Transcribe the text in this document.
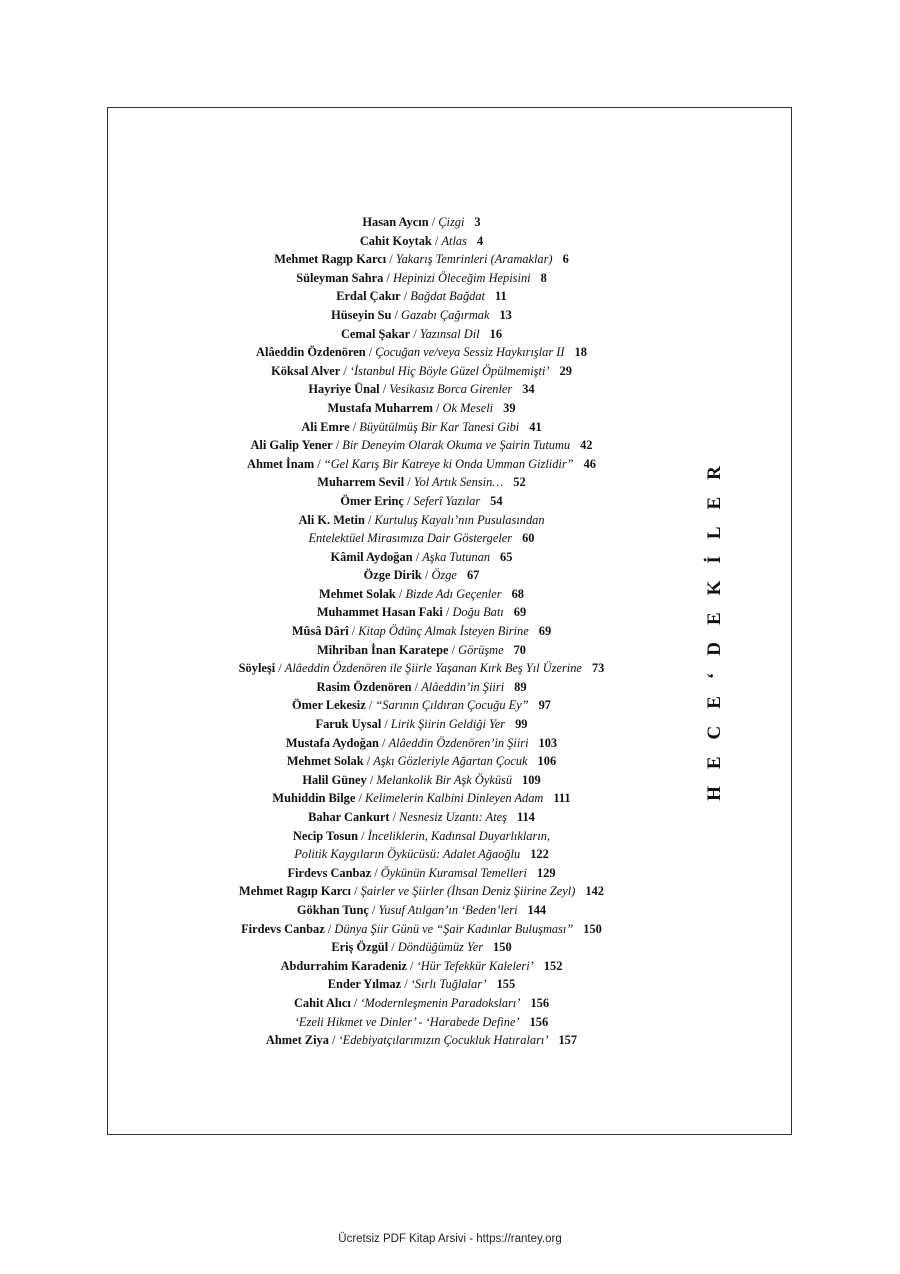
Hasan Aycın / Çizgi 3
Cahit Koytak / Atlas 4
Mehmet Ragıp Karcı / Yakarış Temrinleri (Aramaklar) 6
Süleyman Sahra / Hepinizi Öleceğim Hepisini 8
Erdal Çakır / Bağdat Bağdat 11
Hüseyin Su / Gazabı Çağırmak 13
Cemal Şakar / Yazınsal Dil 16
Alâeddin Özdenören / Çocuğan ve/veya Sessiz Haykırışlar II 18
Köksal Alver / ‘İstanbul Hiç Böyle Güzel Öpülmemişti’ 29
Hayriye Ünal / Vesikasız Borca Girenler 34
Mustafa Muharrem / Ok Meseli 39
Ali Emre / Büyütülmüş Bir Kar Tanesi Gibi 41
Ali Galip Yener / Bir Deneyim Olarak Okuma ve Şairin Tutumu 42
Ahmet İnam / “Gel Karış Bir Katreye ki Onda Umman Gizlidir” 46
Muharrem Sevil / Yol Artık Sensin… 52
Ömer Erinç / Seferî Yazılar 54
Ali K. Metin / Kurtuluş Kayalı’nın Pusulasından
Entelektüel Mirasımıza Dair Göstergeler 60
Kâmil Aydoğan / Aşka Tutunan 65
Özge Dirik / Özge 67
Mehmet Solak / Bizde Adı Geçenler 68
Muhammet Hasan Faki / Doğu Batı 69
Mûsâ Dârî / Kitap Ödünç Almak İsteyen Birine 69
Mihriban İnan Karatepe / Görüşme 70
Söyleşi / Alâeddin Özdenören ile Şiirle Yaşanan Kırk Beş Yıl Üzerine 73
Rasim Özdenören / Alâeddin’in Şiiri 89
Ömer Lekesiz / “Sarının Çıldıran Çocuğu Ey” 97
Faruk Uysal / Lirik Şiirin Geldiği Yer 99
Mustafa Aydoğan / Alâeddin Özdenören’in Şiiri 103
Mehmet Solak / Aşkı Gözleriyle Ağartan Çocuk 106
Halil Güney / Melankolik Bir Aşk Öyküsü 109
Muhiddin Bilge / Kelimelerin Kalbini Dinleyen Adam 111
Bahar Cankurt / Nesnesiz Uzantı: Ateş 114
Necip Tosun / İnceliklerin, Kadınsal Duyarlıkların,
Politik Kaygıların Öykücüsü: Adalet Ağaoğlu 122
Firdevs Canbaz / Öykünün Kuramsal Temelleri 129
Mehmet Ragıp Karcı / Şairler ve Şiirler (İhsan Deniz Şiirine Zeyl) 142
Gökhan Tunç / Yusuf Atılgan’ın ‘Beden’leri 144
Firdevs Canbaz / Dünya Şiir Günü ve “Şair Kadınlar Buluşması” 150
Eriş Özgül / Döndüğümüz Yer 150
Abdurrahim Karadeniz / ‘Hür Tefekkür Kaleleri’ 152
Ender Yılmaz / ‘Sırlı Tuğlalar’ 155
Cahit Alıcı / ‘Modernleşmenin Paradoksları’ 156
‘Ezeli Hikmet ve Dinler’ - ‘Harabede Define’ 156
Ahmet Ziya / ‘Edebiyatçılarımızın Çocukluk Hatıraları’ 157
HECE‘DEKİLER
Ücretsiz PDF Kitap Arsivi - https://rantey.org
